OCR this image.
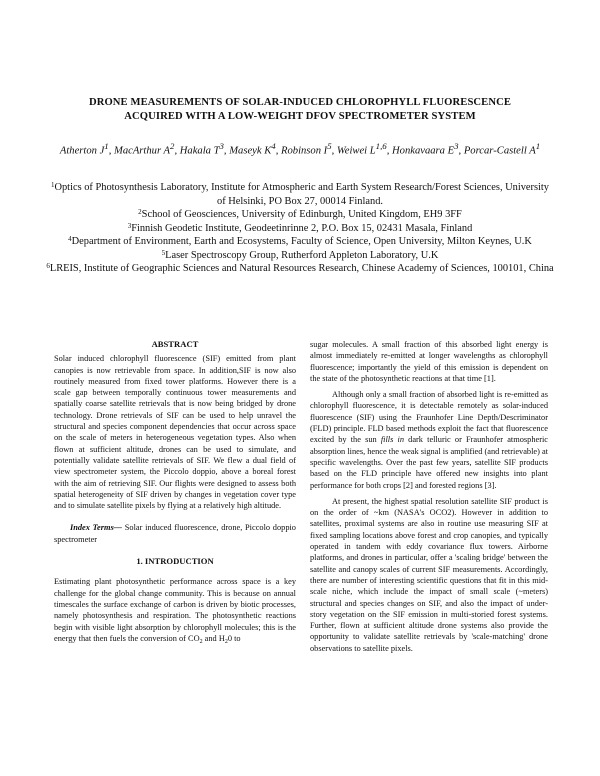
DRONE MEASUREMENTS OF SOLAR-INDUCED CHLOROPHYLL FLUORESCENCE
ACQUIRED WITH A LOW-WEIGHT DFOV SPECTROMETER SYSTEM
Atherton $J^1$, MacArthur $A^2$, Hakala $T^3$, Maseyk $K^4$, Robinson $I^5$, Weiwei L$^{1,6}$, Honkavaara $E^3$, Porcar-Castell $A^1$
$^1$Optics of Photosynthesis Laboratory, Institute for Atmospheric and Earth System Research/Forest Sciences, University of Helsinki, PO Box 27, 00014 Finland.
$^2$School of Geosciences, University of Edinburgh, United Kingdom, EH9 3FF
$^3$Finnish Geodetic Institute, Geodeetinrinne 2, P.O. Box 15, 02431 Masala, Finland
$^4$Department of Environment, Earth and Ecosystems, Faculty of Science, Open University, Milton Keynes, U.K
$^5$Laser Spectroscopy Group, Rutherford Appleton Laboratory, U.K
$^6$LREIS, Institute of Geographic Sciences and Natural Resources Research, Chinese Academy of Sciences, 100101, China
ABSTRACT

Solar induced chlorophyll fluorescence (SIF) emitted from plant canopies is now retrievable from space. In addition,SIF is now also routinely measured from fixed tower platforms. However there is a scale gap between temporally continuous tower measurements and spatially coarse satellite retrievals that is now being bridged by drone technology. Drone retrievals of SIF can be used to help unravel the structural and species component dependencies that occur across space on the scale of meters in heterogeneous vegetation types. Also when flown at sufficient altitude, drones can be used to simulate, and potentially validate satellite retrievals of SIF. We flew a dual field of view spectrometer system, the Piccolo doppio, above a boreal forest with the aim of retrieving SIF. Our flights were designed to assess both spatial heterogeneity of SIF driven by changes in vegetation cover type and to simulate satellite pixels by flying at a relatively high altitude.

Index Terms— Solar induced fluorescence, drone, Piccolo doppio spectrometer

1. INTRODUCTION

Estimating plant photosynthetic performance across space is a key challenge for the global change community. This is because on annual timescales the surface exchange of carbon is driven by biotic processes, namely photosynthesis and respiration. The photosynthetic reactions begin with visible light absorption by chlorophyll molecules; this is the energy that then fuels the conversion of $CO_2$ and $H_20$ to

sugar molecules. A small fraction of this absorbed light energy is almost immediately re-emitted at longer wavelengths as chlorophyll fluorescence; importantly the yield of this emission is dependent on the state of the photosynthetic reactions at that time [1].

Although only a small fraction of absorbed light is re-emitted as chlorophyll fluorescence, it is detectable remotely as solar-induced fluorescence (SIF) using the Fraunhofer Line Depth/Descriminator (FLD) principle. FLD based methods exploit the fact that fluorescence excited by the sun fills in dark telluric or Fraunhofer atmospheric absorption lines, hence the weak signal is amplified (and retrievable) at specific wavelengths. Over the past few years, satellite SIF products based on the FLD principle have offered new insights into plant performance for both crops [2] and forested regions [3].

At present, the highest spatial resolution satellite SIF product is on the order of ~km (NASA's OCO2). However in addition to satellites, proximal systems are also in routine use measuring SIF at fixed sampling locations above forest and crop canopies, and typically operated in tandem with eddy covariance flux towers. Airborne platforms, and drones in particular, offer a 'scaling bridge' between the satellite and canopy scales of current SIF measurements. Accordingly, there are number of interesting scientific questions that fit in this mid-scale niche, which include the impact of small scale (~meters) structural and species changes on SIF, and also the impact of under-story vegetation on the SIF emission in multi-storied forest systems. Further, flown at sufficient altitude drone systems also provide the opportunity to validate satellite retrievals by 'scale-matching' drone observations to satellite pixels.
